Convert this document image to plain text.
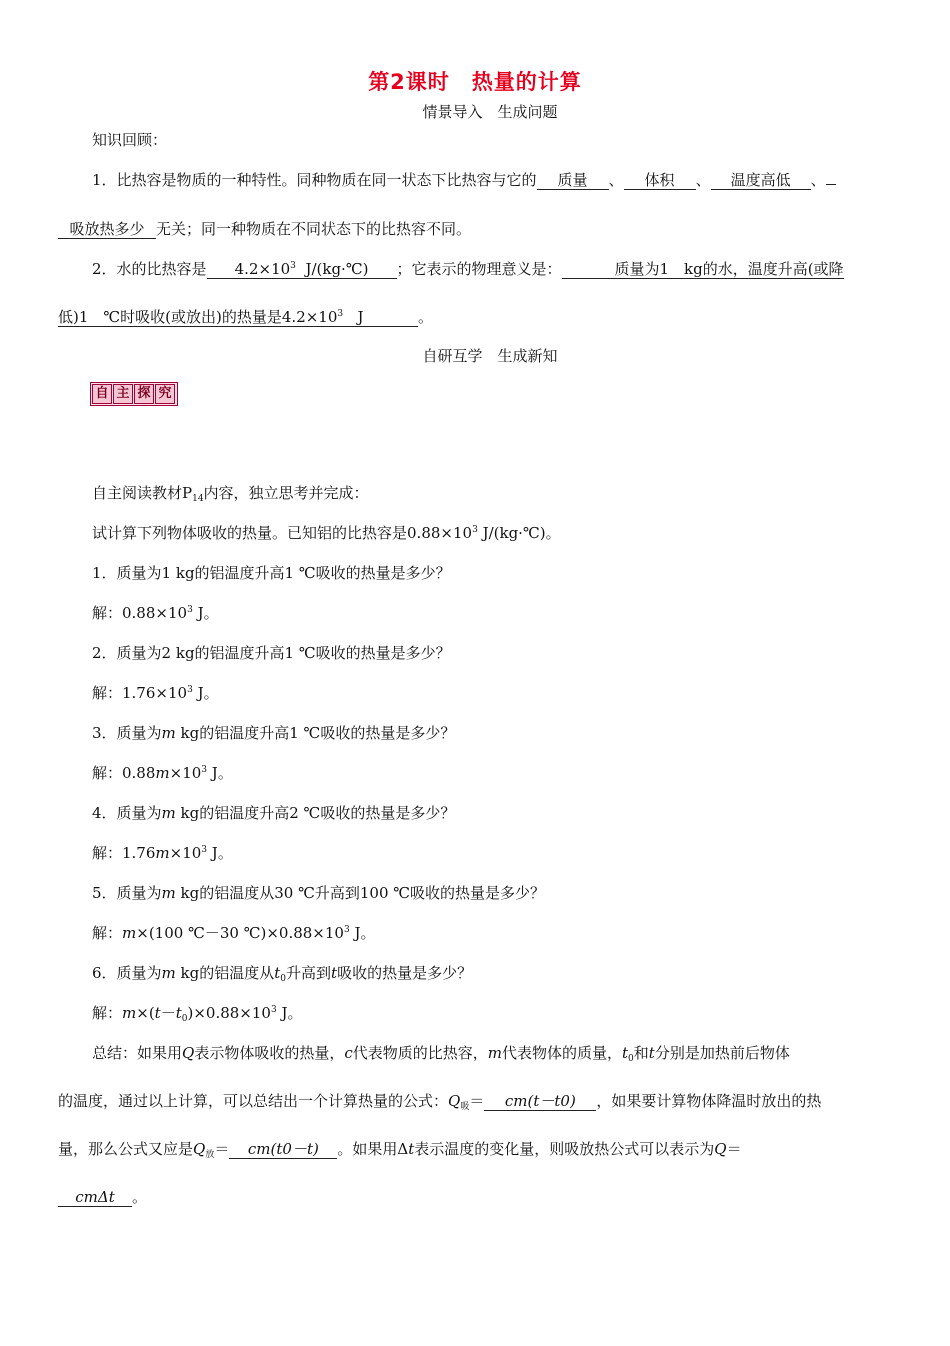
第2课时　热量的计算
情景导入　生成问题
知识回顾：
1．比热容是物质的一种特性。同种物质在同一状态下比热容与它的 质量 、 体积 、 温度高低 、
吸放热多少 无关；同一种物质在不同状态下的比热容不同。
2．水的比热容是 $4.2\times 10^3$ J/(kg·℃) ；它表示的物理意义是：	质量为1　kg的水，温度升高(或降
低)1　℃时吸收(或放出)的热量是$4.2\times 10^3$ J	。
自研互学　生成新知
自 主 探 究
自主阅读教材$P_{14}$内容，独立思考并完成：
试计算下列物体吸收的热量。已知铝的比热容是$0.88\times 10^3$ J/(kg·℃)。
1．质量为1 kg的铝温度升高1 ℃吸收的热量是多少？
解：$0.88\times 10^3$ J。
2．质量为2 kg的铝温度升高1 ℃吸收的热量是多少？
解：$1.76\times 10^3$ J。
3．质量为m kg的铝温度升高1 ℃吸收的热量是多少？
解：$0.88m\times 10^3$ J。
4．质量为m kg的铝温度升高2 ℃吸收的热量是多少？
解：$1.76m\times 10^3$ J。
5．质量为m kg的铝温度从30 ℃升高到100 ℃吸收的热量是多少？
解：m×(100 ℃－30 $℃)\times 0.88\times 10^3$ J。
6．质量为m kg的铝温度从$t_0$升高到t吸收的热量是多少？
解：$m\times(t-t_0)\times 0.88\times 10^3$ J。
总结：如果用Q表示物体吸收的热量，c代表物质的比热容，m代表物体的质量，$t_0$和t分别是加热前后物体
的温度，通过以上计算，可以总结出一个计算热量的公式：$Q_吸= cm(t-t0)$ ，如果要计算物体降温时放出的热
量，那么公式又应是$Q_放= cm(t0-t)$ 。如果用Δt表示温度的变化量，则吸放热公式可以表示为Q＝
cmΔt 。
